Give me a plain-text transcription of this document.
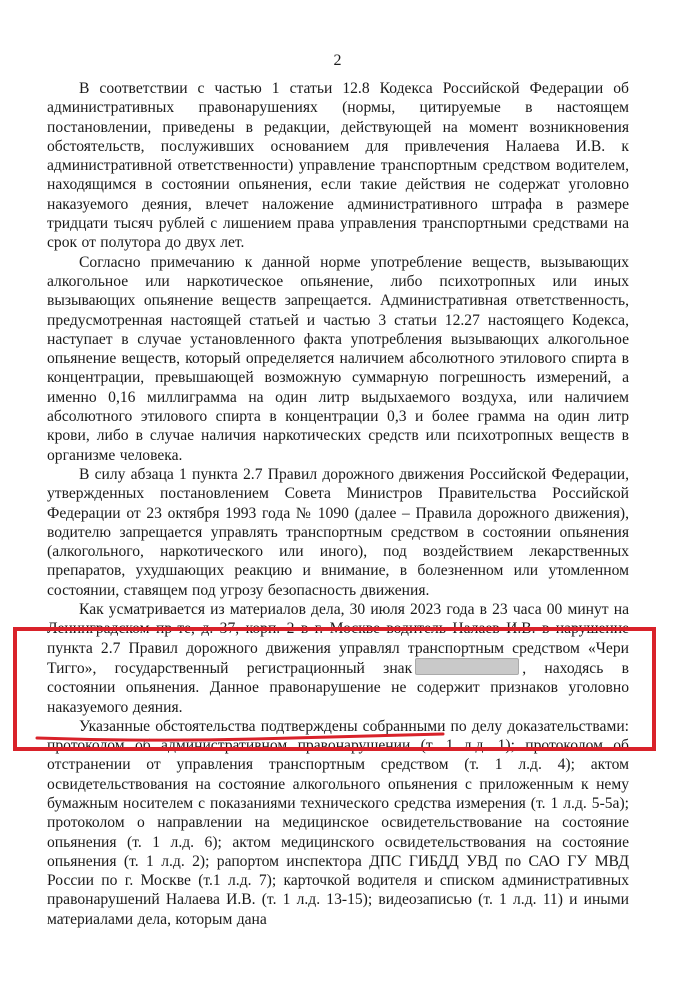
2

В соответствии с частью 1 статьи 12.8 Кодекса Российской Федерации об административных правонарушениях (нормы, цитируемые в настоящем постановлении, приведены в редакции, действующей на момент возникновения обстоятельств, послуживших основанием для привлечения Налаева И.В. к административной ответственности) управление транспортным средством водителем, находящимся в состоянии опьянения, если такие действия не содержат уголовно наказуемого деяния, влечет наложение административного штрафа в размере тридцати тысяч рублей с лишением права управления транспортными средствами на срок от полутора до двух лет.

Согласно примечанию к данной норме употребление веществ, вызывающих алкогольное или наркотическое опьянение, либо психотропных или иных вызывающих опьянение веществ запрещается. Административная ответственность, предусмотренная настоящей статьей и частью 3 статьи 12.27 настоящего Кодекса, наступает в случае установленного факта употребления вызывающих алкогольное опьянение веществ, который определяется наличием абсолютного этилового спирта в концентрации, превышающей возможную суммарную погрешность измерений, а именно 0,16 миллиграмма на один литр выдыхаемого воздуха, или наличием абсолютного этилового спирта в концентрации 0,3 и более грамма на один литр крови, либо в случае наличия наркотических средств или психотропных веществ в организме человека.

В силу абзаца 1 пункта 2.7 Правил дорожного движения Российской Федерации, утвержденных постановлением Совета Министров Правительства Российской Федерации от 23 октября 1993 года № 1090 (далее – Правила дорожного движения), водителю запрещается управлять транспортным средством в состоянии опьянения (алкогольного, наркотического или иного), под воздействием лекарственных препаратов, ухудшающих реакцию и внимание, в болезненном или утомленном состоянии, ставящем под угрозу безопасность движения.

Как усматривается из материалов дела, 30 июля 2023 года в 23 часа 00 минут на Ленинградском пр-те, д. 37, корп. 2 в г. Москве водитель Налаев И.В. в нарушение пункта 2.7 Правил дорожного движения управлял транспортным средством «Чери Тигго», государственный регистрационный знак	, находясь в состоянии опьянения. Данное правонарушение не содержит признаков уголовно наказуемого деяния.

Указанные обстоятельства подтверждены собранными по делу доказательствами: протоколом об административном правонарушении (т. 1 л.д. 1); протоколом об отстранении от управления транспортным средством (т. 1 л.д. 4); актом освидетельствования на состояние алкогольного опьянения с приложенным к нему бумажным носителем с показаниями технического средства измерения (т. 1 л.д. 5-5а); протоколом о направлении на медицинское освидетельствование на состояние опьянения (т. 1 л.д. 6); актом медицинского освидетельствования на состояние опьянения (т. 1 л.д. 2); рапортом инспектора ДПС ГИБДД УВД по САО ГУ МВД России по г. Москве (т.1 л.д. 7); карточкой водителя и списком административных правонарушений Налаева И.В. (т. 1 л.д. 13-15); видеозаписью (т. 1 л.д. 11) и иными материалами дела, которым дана
